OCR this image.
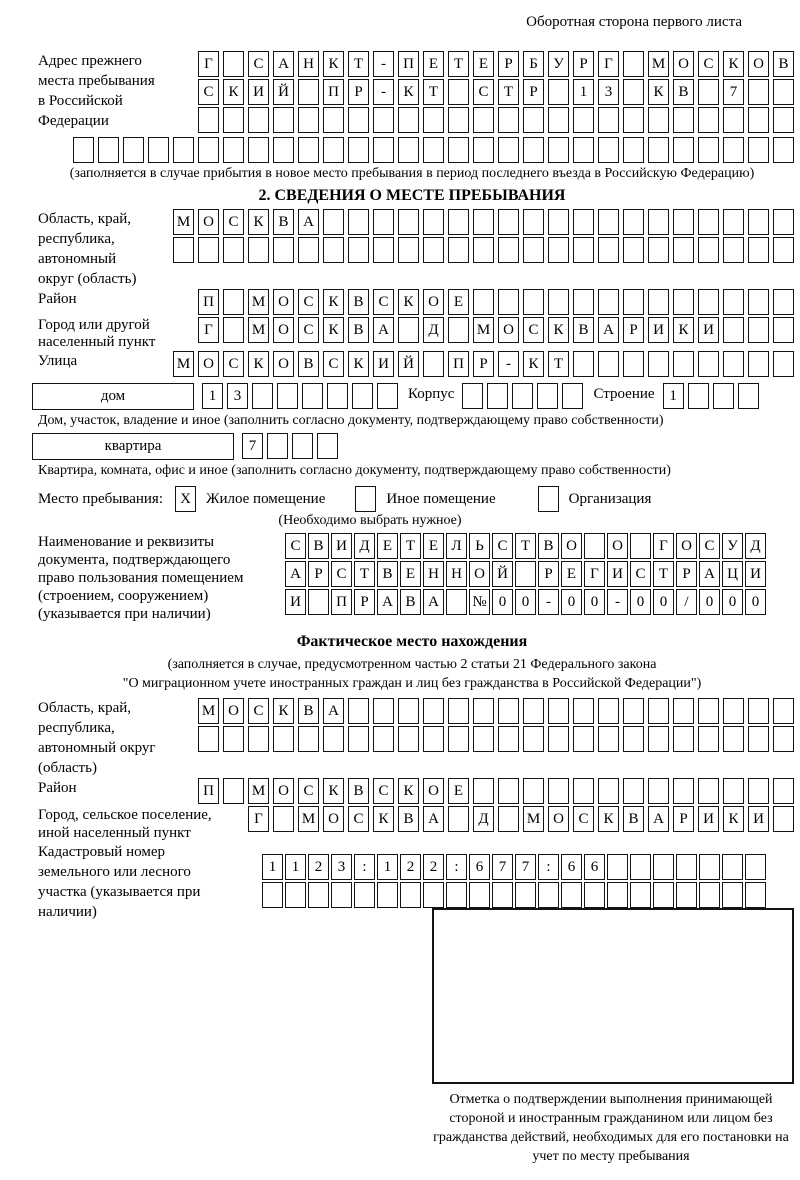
Оборотная сторона первого листа
Адрес прежнего места пребывания в Российской Федерации
Г	С А Н К	Т	-	П Е	Т	Е	Р	Б	У	Р	Г	М О С К О В
С К И Й	П	Р	-	К	Т	С	Т	Р	1	3	К В	7
(заполняется в случае прибытия в новое место пребывания в период последнего въезда в Российскую Федерацию)
2. СВЕДЕНИЯ О МЕСТЕ ПРЕБЫВАНИЯ
Область, край, республика, автономный округ (область)
М О С К В А
Район	П	М О С К В С К О Е
Город или другой населенный пункт
Г	М О С К В А	Д	М О С К В А	Р	И К И
Улица	М О С К О В С К И Й	П	Р	-	К	Т
дом	1	3	Корпус	Строение 1
Дом, участок, владение и иное (заполнить согласно документу, подтверждающему право собственности)
квартира	7
Квартира, комната, офис и иное (заполнить согласно документу, подтверждающему право собственности)
Место пребывания:	X	Жилое помещение	Иное помещение	Организация
(Необходимо выбрать нужное)
Наименование и реквизиты документа, подтверждающего право пользования помещением (строением, сооружением) (указывается при наличии)
С В И Д Е Т Е Л Ь С Т В О	О	Г О С У Д
А Р С Т В Е Н Н О Й	Р Е Г И С Т Р А Ц И
И	П Р А В А	№ 0	0	-	0	0	-	0	0	/	0	0	0
Фактическое место нахождения
(заполняется в случае, предусмотренном частью 2 статьи 21 Федерального закона
"О миграционном учете иностранных граждан и лиц без гражданства в Российской Федерации")
Область, край, республика, автономный округ (область)
М О С К В А
Район	П	М О С К В С К О Е
Город, сельское поселение, иной населенный пункт
Г	М О С К В А	Д	М О С К В А	Р	И К И
Кадастровый номер земельного или лесного участка (указывается при наличии)
1	1	2	3	:	1	2	2	:	6	7	7	:	6	6
Отметка о подтверждении выполнения принимающей стороной и иностранным гражданином или лицом без гражданства действий, необходимых для его постановки на учет по месту пребывания
